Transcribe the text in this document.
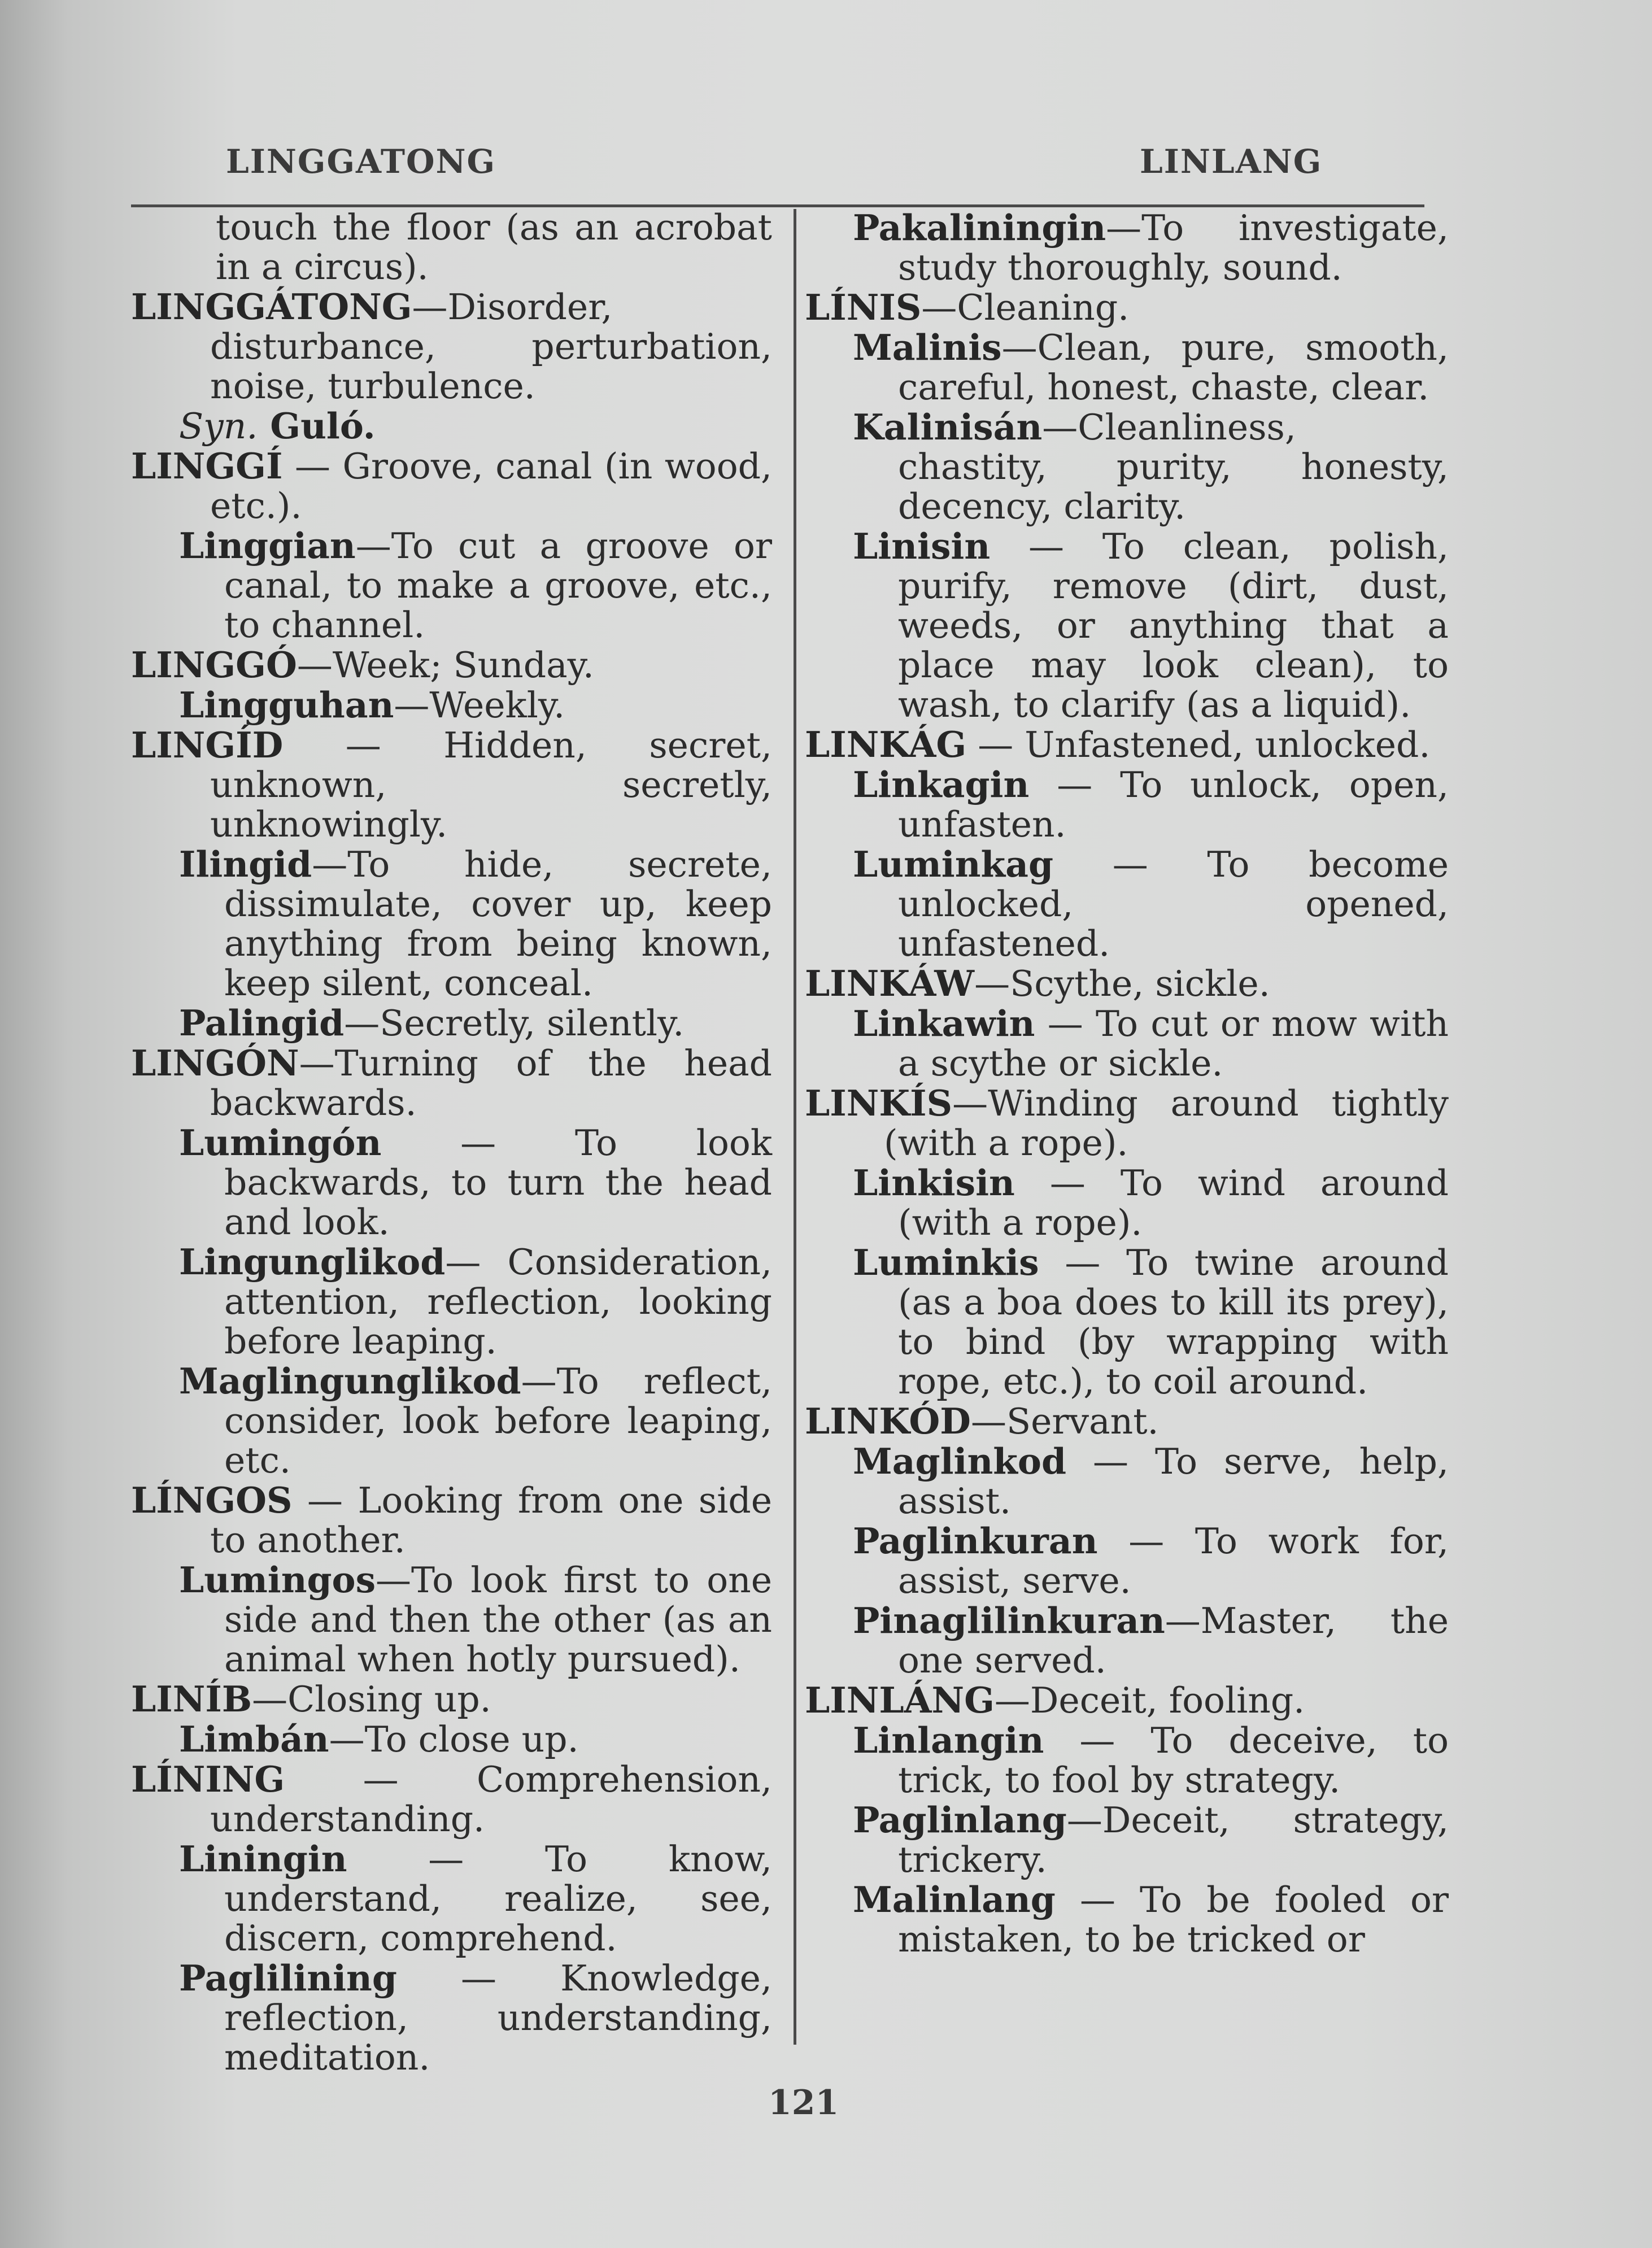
LINGGATONG	LINLANG
touch the floor (as an acrobat in a circus).
LINGGÁTONG—Disorder, disturbance, perturbation, noise, turbulence.
Syn. Guló.
LINGGÍ — Groove, canal (in wood, etc.).
Linggian—To cut a groove or canal, to make a groove, etc., to channel.
LINGGÓ—Week; Sunday.
Lingguhan—Weekly.
LINGÍD — Hidden, secret, unknown, secretly, unknowingly.
Ilingid—To hide, secrete, dissimulate, cover up, keep anything from being known, keep silent, conceal.
Palingid—Secretly, silently.
LINGÓN—Turning of the head backwards.
Lumingón — To look backwards, to turn the head and look.
Lingunglikod— Consideration, attention, reflection, looking before leaping.
Maglingunglikod—To reflect, consider, look before leaping, etc.
LÍNGOS — Looking from one side to another.
Lumingos—To look first to one side and then the other (as an animal when hotly pursued).
LINÍB—Closing up.
Limbán—To close up.
LÍNING — Comprehension, understanding.
Liningin — To know, understand, realize, see, discern, comprehend.
Paglilining — Knowledge, reflection, understanding, meditation.
Pakaliningin—To investigate, study thoroughly, sound.
LÍNIS—Cleaning.
Malinis—Clean, pure, smooth, careful, honest, chaste, clear.
Kalinisán—Cleanliness, chastity, purity, honesty, decency, clarity.
Linisin — To clean, polish, purify, remove (dirt, dust, weeds, or anything that a place may look clean), to wash, to clarify (as a liquid).
LINKÁG — Unfastened, unlocked.
Linkagin — To unlock, open, unfasten.
Luminkag — To become unlocked, opened, unfastened.
LINKÁW—Scythe, sickle.
Linkawin — To cut or mow with a scythe or sickle.
LINKÍS—Winding around tightly (with a rope).
Linkisin — To wind around (with a rope).
Luminkis — To twine around (as a boa does to kill its prey), to bind (by wrapping with rope, etc.), to coil around.
LINKÓD—Servant.
Maglinkod — To serve, help, assist.
Paglinkuran — To work for, assist, serve.
Pinaglilinkuran—Master, the one served.
LINLÁNG—Deceit, fooling.
Linlangin — To deceive, to trick, to fool by strategy.
Paglinlang—Deceit, strategy, trickery.
Malinlang — To be fooled or mistaken, to be tricked or
121
